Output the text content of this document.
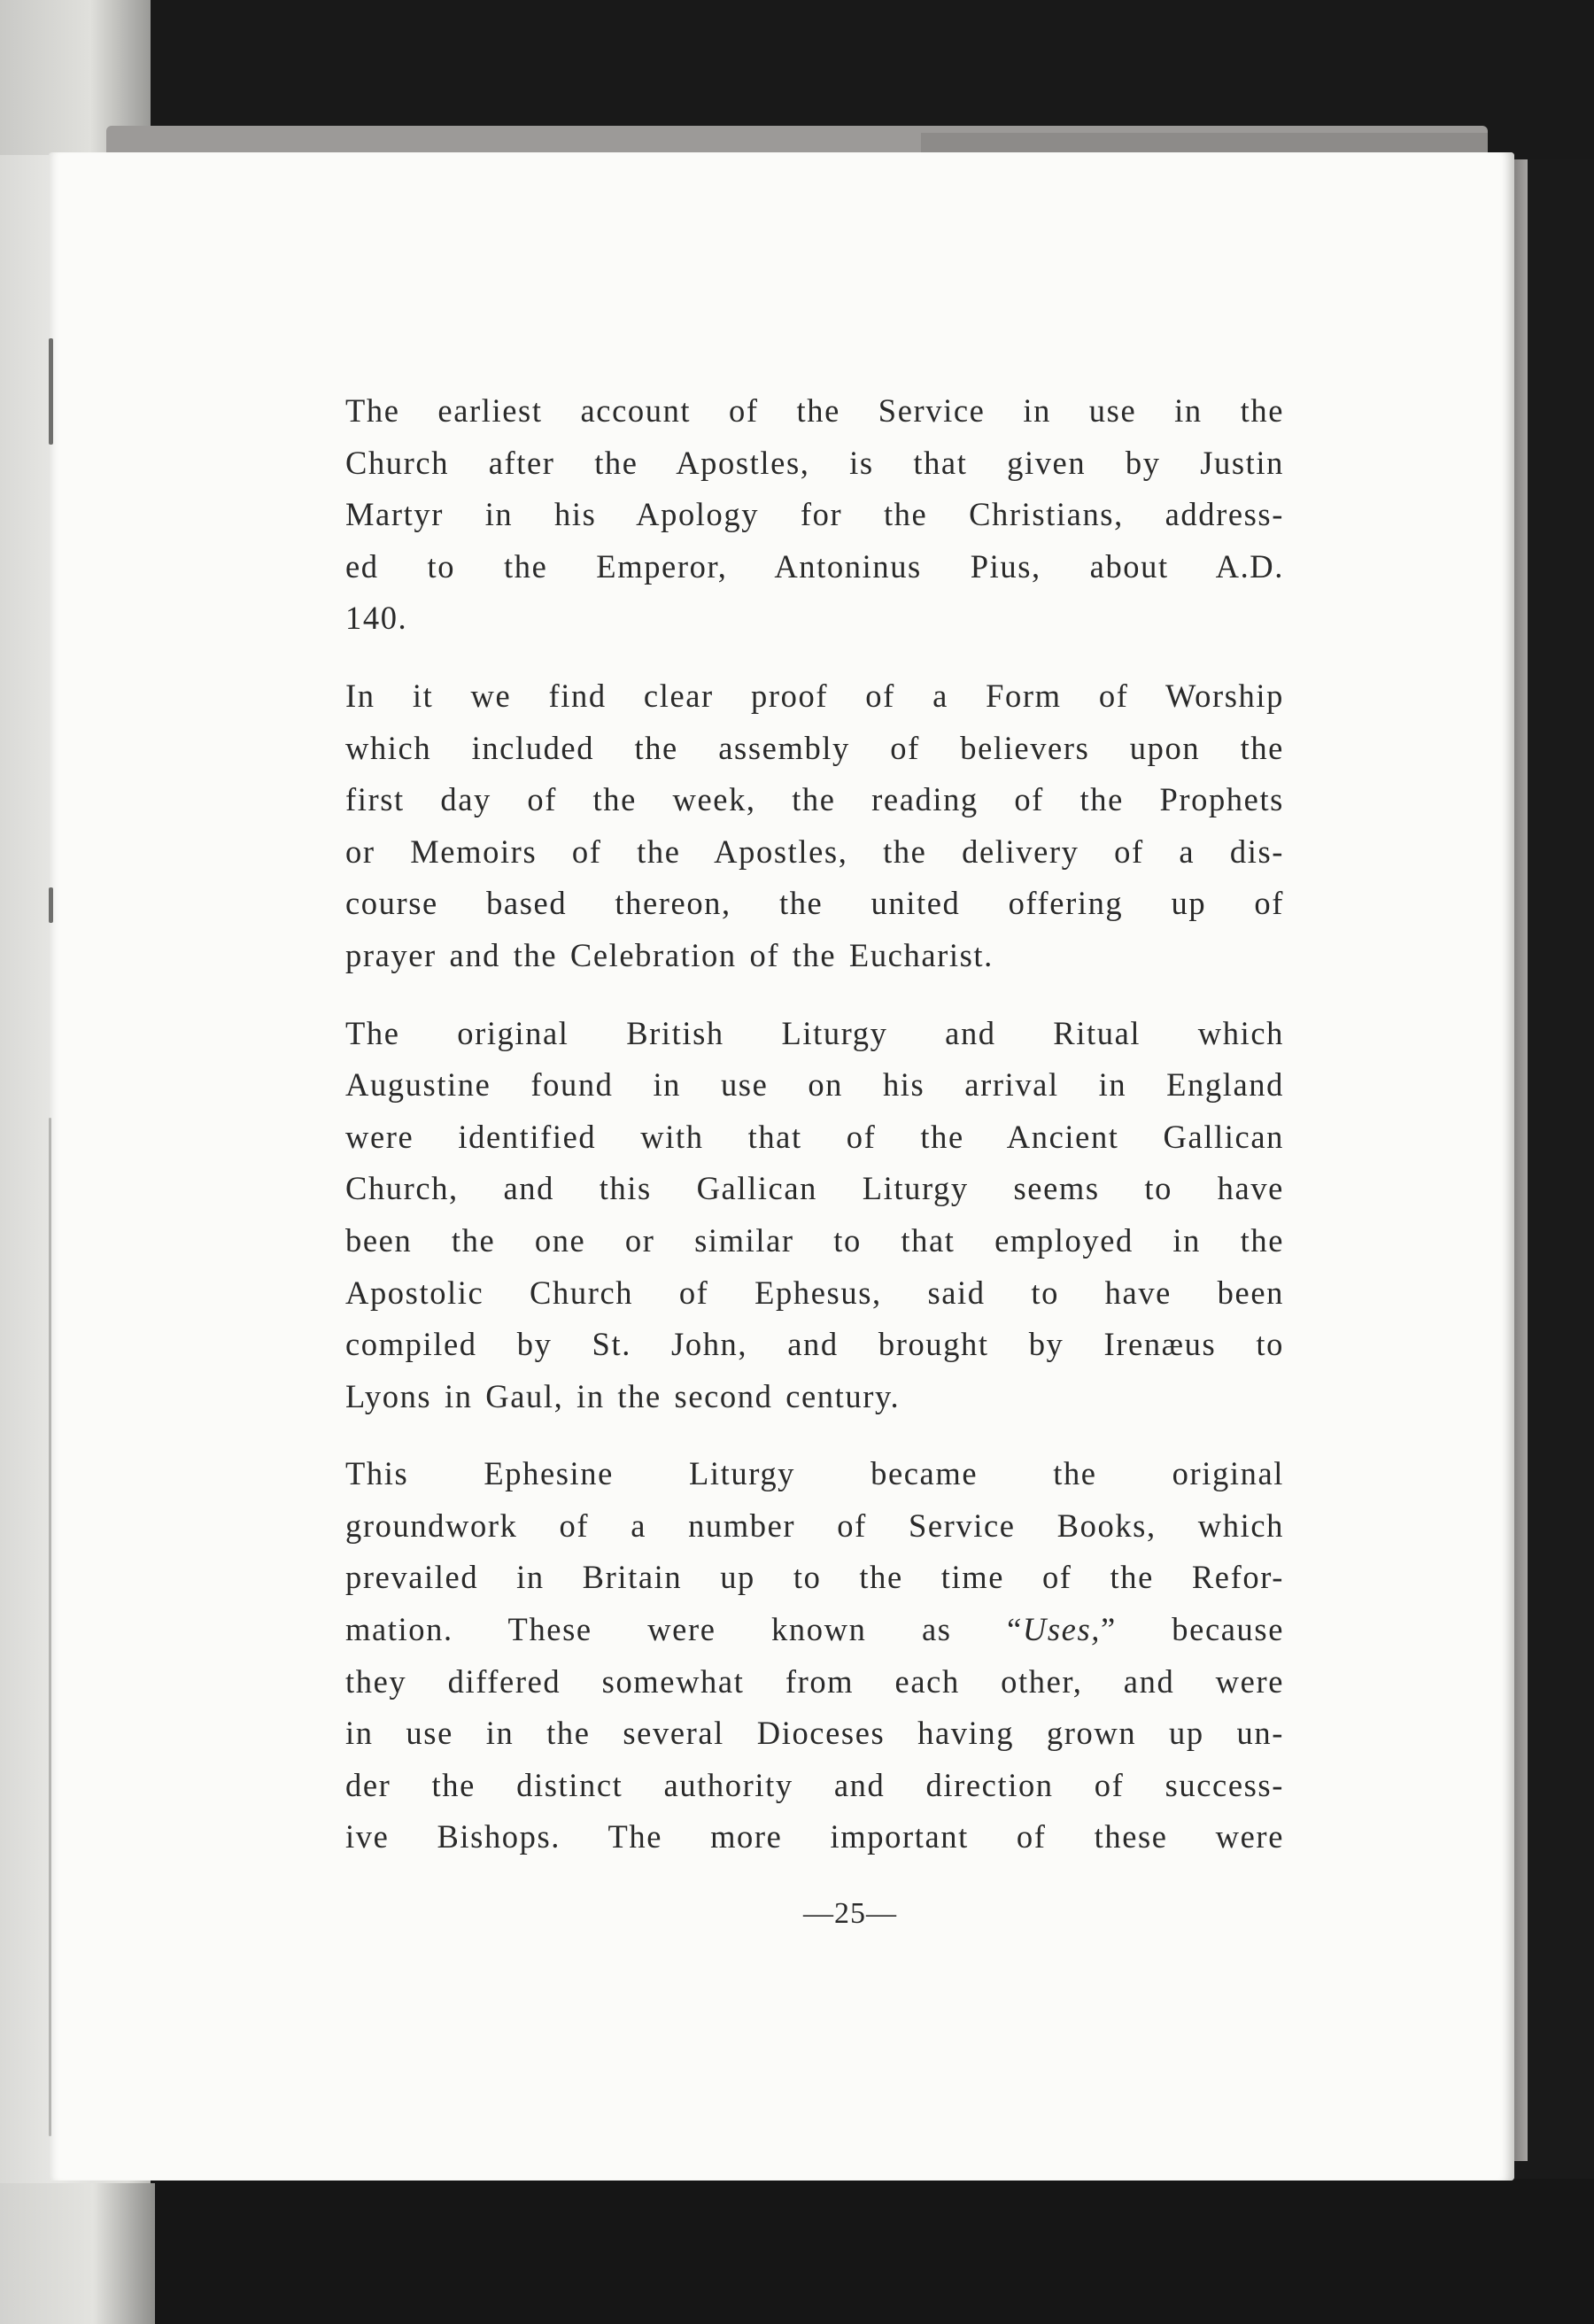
The earliest account of the Service in use in the
Church after the Apostles, is that given by Justin
Martyr in his Apology for the Christians, address-
ed to the Emperor, Antoninus Pius, about A.D.
140.

In it we find clear proof of a Form of Worship
which included the assembly of believers upon the
first day of the week, the reading of the Prophets
or Memoirs of the Apostles, the delivery of a dis-
course based thereon, the united offering up of
prayer and the Celebration of the Eucharist.

The original British Liturgy and Ritual which
Augustine found in use on his arrival in England
were identified with that of the Ancient Gallican
Church, and this Gallican Liturgy seems to have
been the one or similar to that employed in the
Apostolic Church of Ephesus, said to have been
compiled by St. John, and brought by Irenæus to
Lyons in Gaul, in the second century.

This Ephesine Liturgy became the original
groundwork of a number of Service Books, which
prevailed in Britain up to the time of the Refor-
mation. These were known as “Uses,” because
they differed somewhat from each other, and were
in use in the several Dioceses having grown up un-
der the distinct authority and direction of success-
ive Bishops. The more important of these were

—25—
